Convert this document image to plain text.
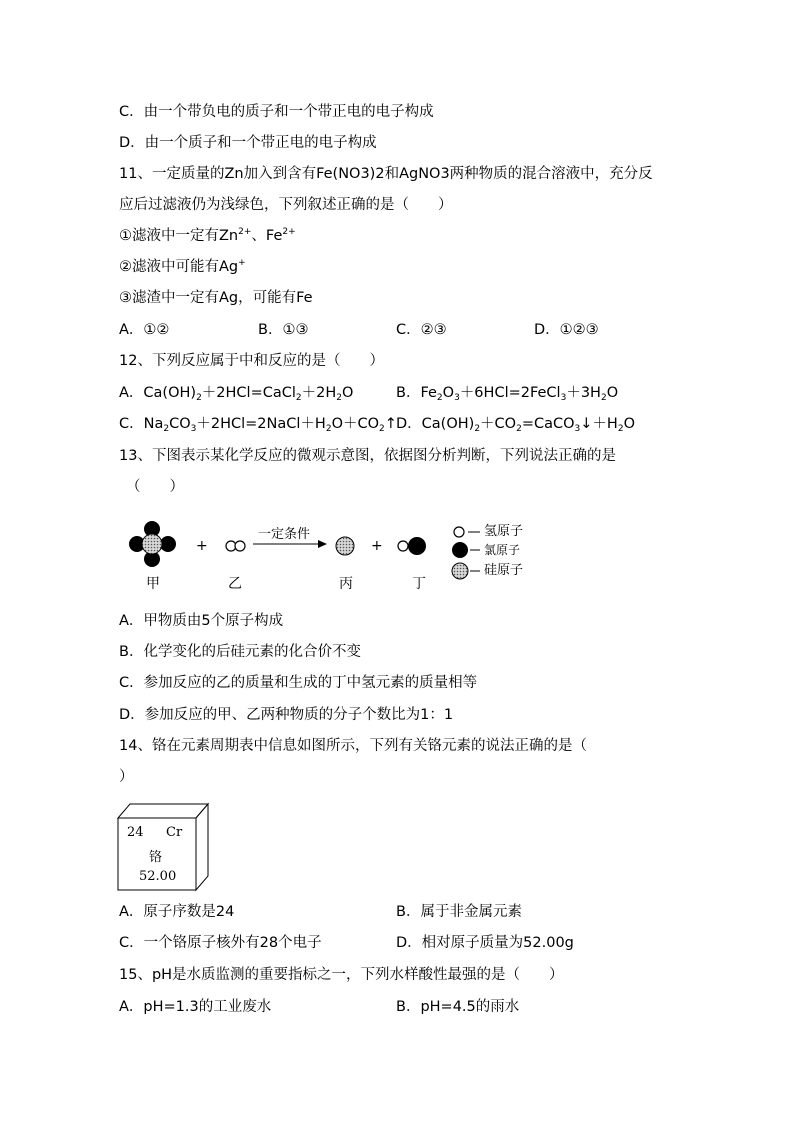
C．由一个带负电的质子和一个带正电的电子构成
D．由一个质子和一个带正电的电子构成
11、一定质量的Zn加入到含有Fe(NO3)2和AgNO3两种物质的混合溶液中，充分反
应后过滤液仍为浅绿色，下列叙述正确的是（　　）
①滤液中一定有$Zn^{2+}$、$Fe^{2+}$
②滤液中可能有Ag+
③滤渣中一定有Ag，可能有Fe
A．①②	B．①③	C．②③	D．①②③
12、下列反应属于中和反应的是（　　）
A．$Ca(OH)_2+2HCl=CaCl_2+2H_2O$	B．$Fe_2O_3+6HCl=2FeCl_3+3H_2O$
C．$Na_2CO_3+2HCl=2NaCl+H_2O+CO_2↑$ D．$Ca(OH)_2+CO_2=CaCO_3↓+H_2O$
13、下图表示某化学反应的微观示意图，依据图分析判断，下列说法正确的是
（　　）
+
一定条件
+
甲	乙	丙	丁
氢原子
氯原子
硅原子
A．甲物质由5个原子构成
B．化学变化的后硅元素的化合价不变
C．参加反应的乙的质量和生成的丁中氢元素的质量相等
D．参加反应的甲、乙两种物质的分子个数比为1：1
14、铬在元素周期表中信息如图所示，下列有关铬元素的说法正确的是（
）
24 Cr
铬
52.00
A．原子序数是24	B．属于非金属元素
C．一个铬原子核外有28个电子	D．相对原子质量为52.00g
15、pH是水质监测的重要指标之一，下列水样酸性最强的是（　　）
A．pH=1.3的工业废水	B．pH=4.5的雨水
